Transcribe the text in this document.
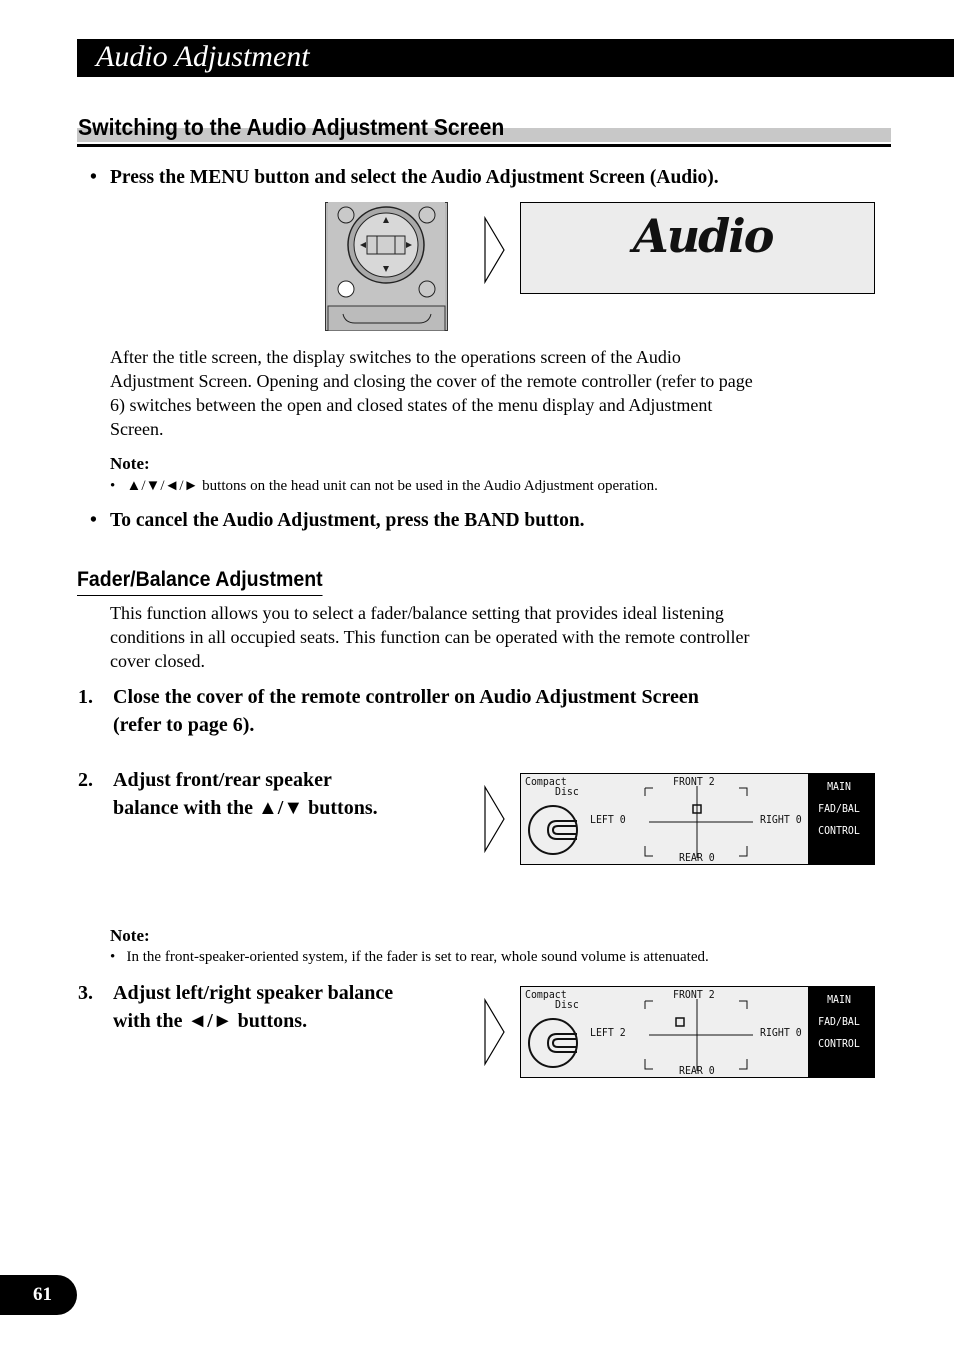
Audio Adjustment
Switching to the Audio Adjustment Screen
• Press the MENU button and select the Audio Adjustment Screen (Audio).
Audio
After the title screen, the display switches to the operations screen of the Audio
Adjustment Screen. Opening and closing the cover of the remote controller (refer to page
6) switches between the open and closed states of the menu display and Adjustment
Screen.
Note:
•   ▲/▼/◄/► buttons on the head unit can not be used in the Audio Adjustment operation.
• To cancel the Audio Adjustment, press the BAND button.
Fader/Balance Adjustment
This function allows you to select a fader/balance setting that provides ideal listening
conditions in all occupied seats. This function can be operated with the remote controller
cover closed.
1. Close the cover of the remote controller on Audio Adjustment Screen
(refer to page 6).
2. Adjust front/rear speaker
balance with the ▲/▼ buttons.
Compact
Disc
FRONT 2
REAR 0
LEFT 0	RIGHT 0
MAIN
FAD/BAL
CONTROL
Note:
•   In the front-speaker-oriented system, if the fader is set to rear, whole sound volume is attenuated.
3. Adjust left/right speaker balance
with the ◄/► buttons.
Compact
Disc
FRONT 2
REAR 0
LEFT 2	RIGHT 0
MAIN
FAD/BAL
CONTROL
61
